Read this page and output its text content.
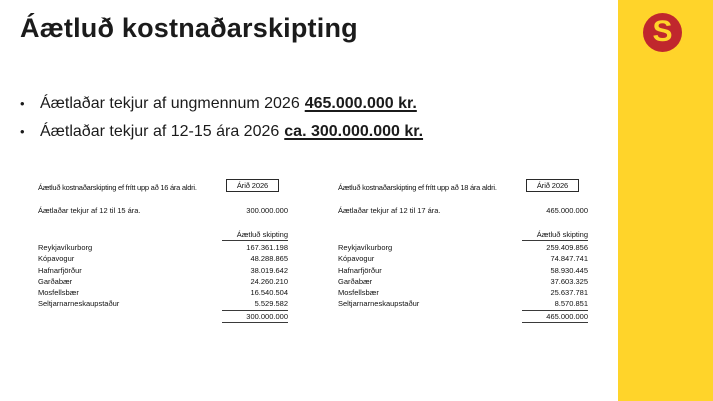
S
Áætluð kostnaðarskipting
• Áætlaðar tekjur af ungmennum 2026 465.000.000 kr.
• Áætlaðar tekjur af 12-15 ára 2026 ca. 300.000.000 kr.
Áætluð kostnaðarskipting ef frítt upp að 16 ára aldri.	Árið 2026
Áætlaðar tekjur af 12 til 15 ára.	300.000.000
Áætluð skipting
Reykjavíkurborg	167.361.198
Kópavogur	48.288.865
Hafnarfjörður	38.019.642
Garðabær	24.260.210
Mosfellsbær	16.540.504
Seltjarnarneskaupstaður	5.529.582
300.000.000
Áætluð kostnaðarskipting ef frítt upp að 18 ára aldri.	Árið 2026
Áætlaðar tekjur af 12 til 17 ára.	465.000.000
Áætluð skipting
Reykjavíkurborg	259.409.856
Kópavogur	74.847.741
Hafnarfjörður	58.930.445
Garðabær	37.603.325
Mosfellsbær	25.637.781
Seltjarnarneskaupstaður	8.570.851
465.000.000
